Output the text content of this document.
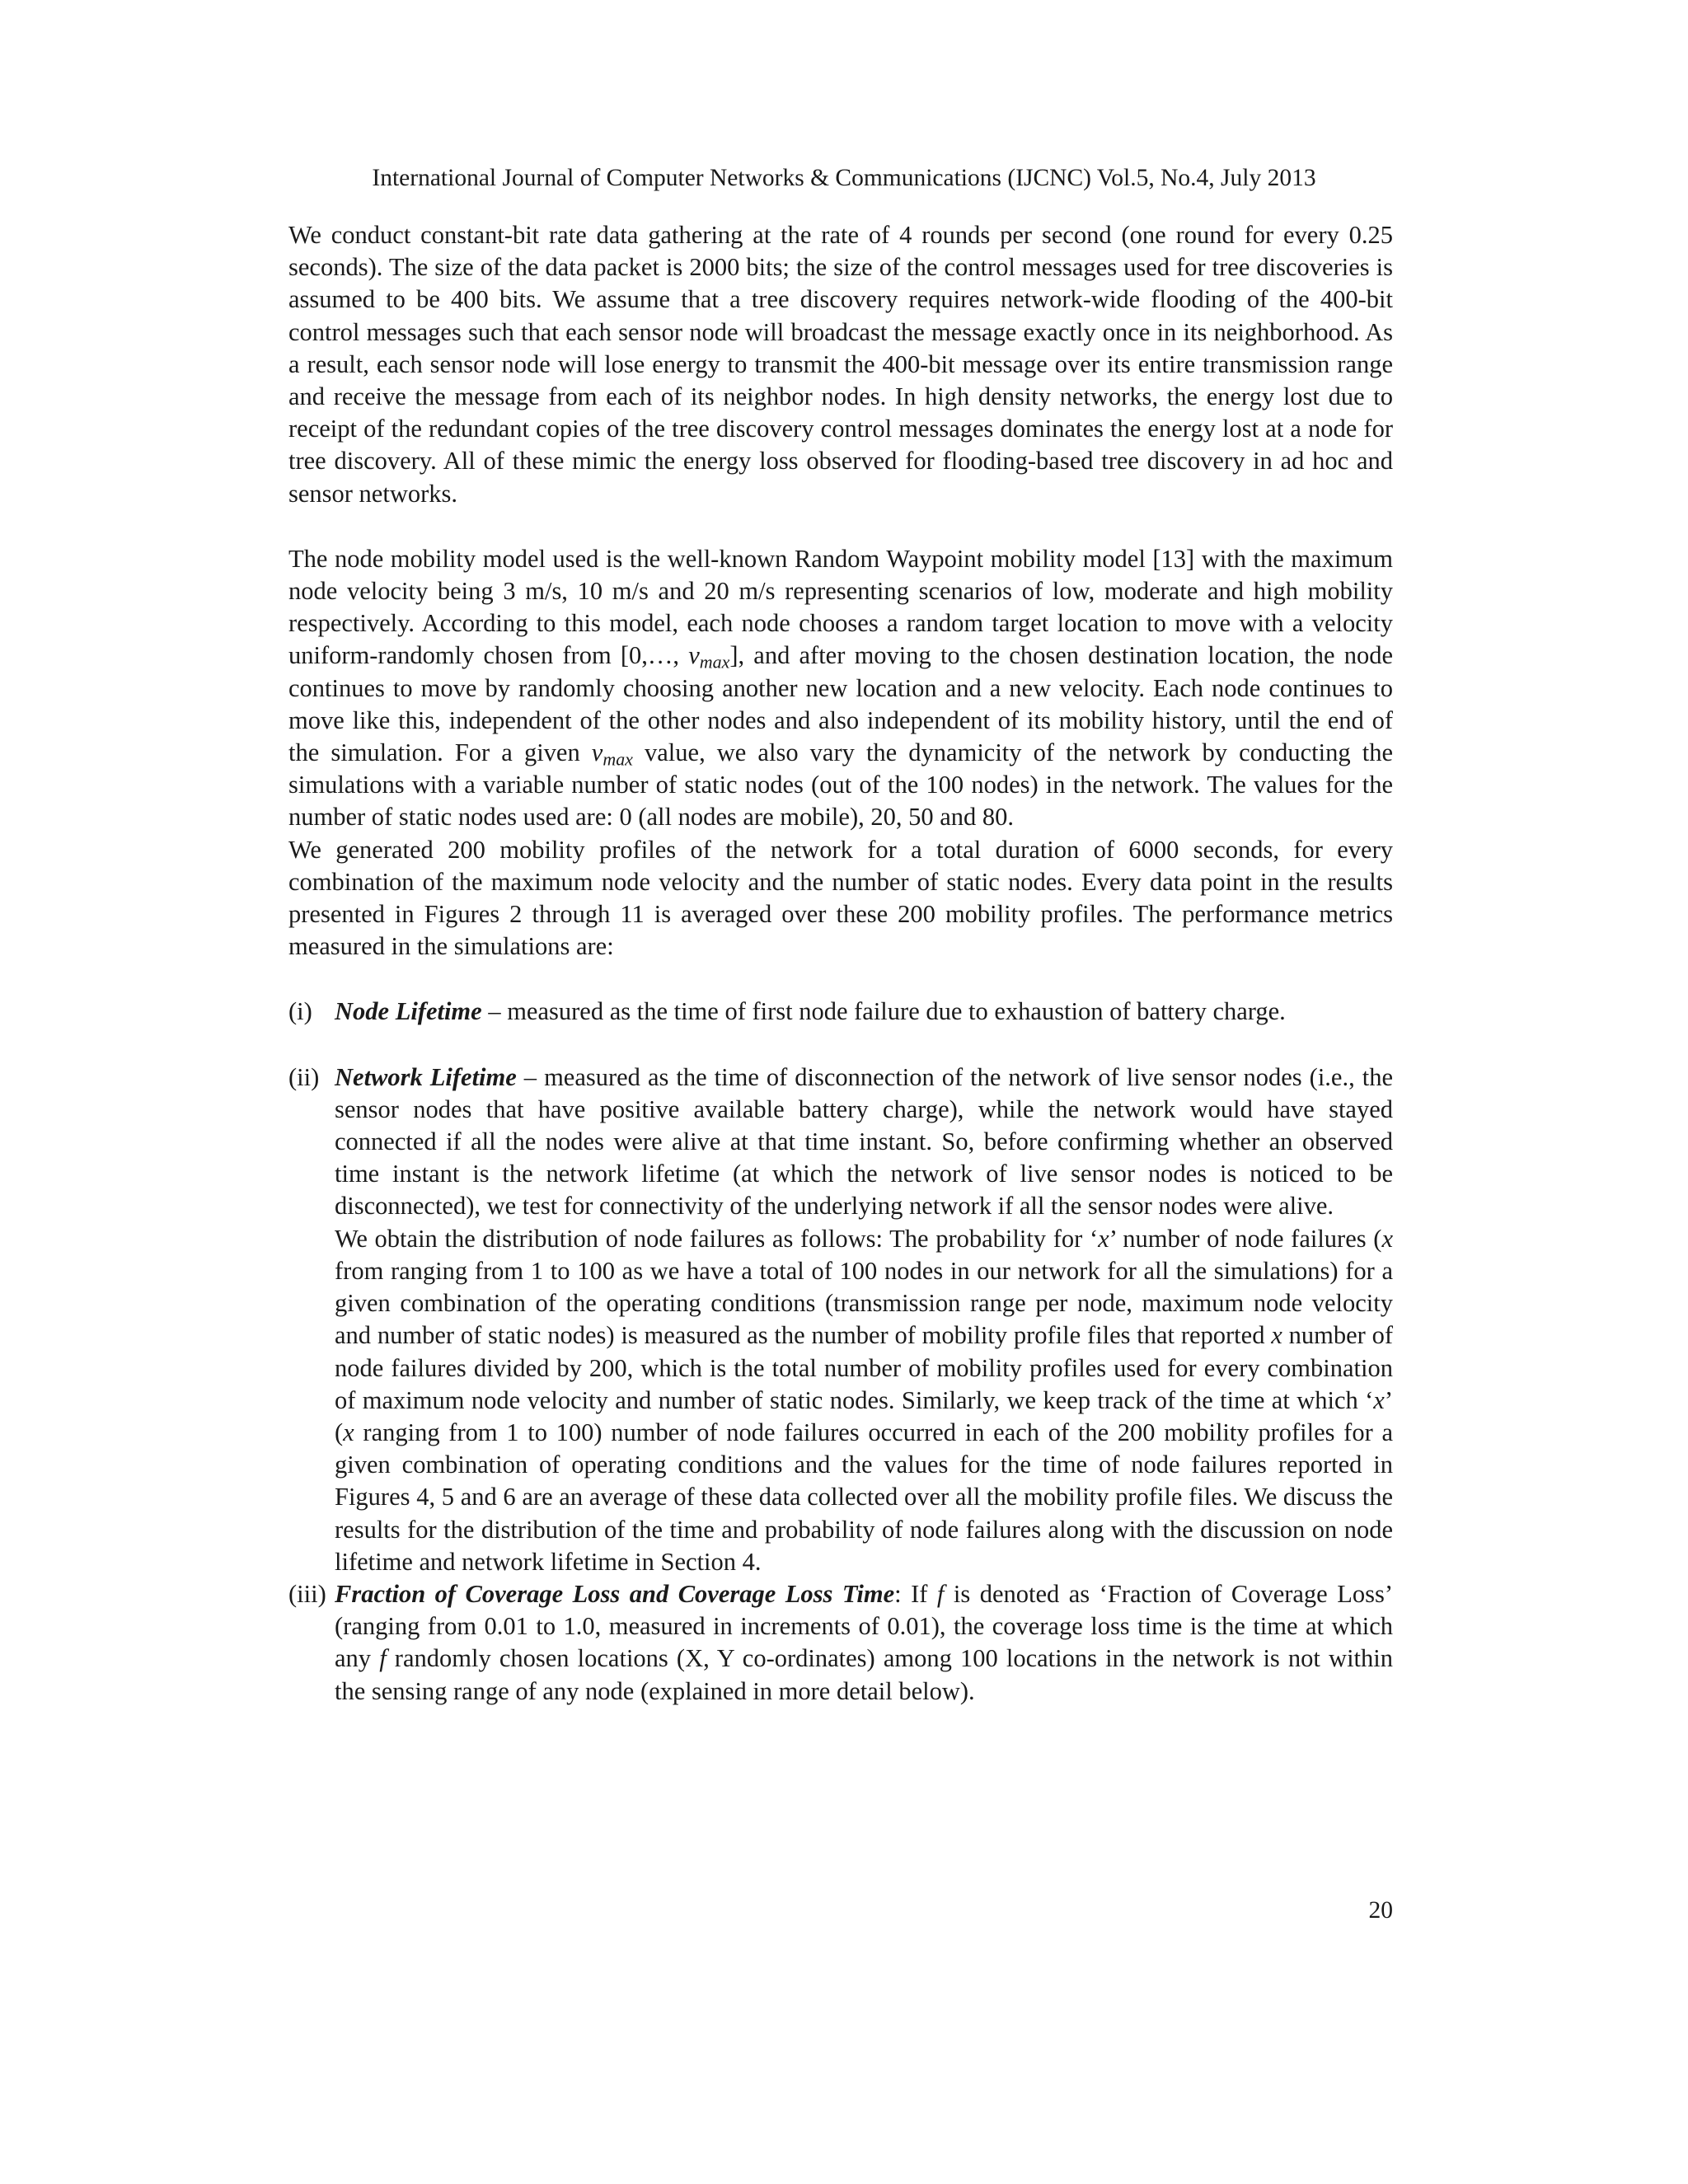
International Journal of Computer Networks & Communications (IJCNC) Vol.5, No.4, July 2013

We conduct constant-bit rate data gathering at the rate of 4 rounds per second (one round for every 0.25 seconds). The size of the data packet is 2000 bits; the size of the control messages used for tree discoveries is assumed to be 400 bits. We assume that a tree discovery requires network-wide flooding of the 400-bit control messages such that each sensor node will broadcast the message exactly once in its neighborhood. As a result, each sensor node will lose energy to transmit the 400-bit message over its entire transmission range and receive the message from each of its neighbor nodes. In high density networks, the energy lost due to receipt of the redundant copies of the tree discovery control messages dominates the energy lost at a node for tree discovery. All of these mimic the energy loss observed for flooding-based tree discovery in ad hoc and sensor networks.

The node mobility model used is the well-known Random Waypoint mobility model [13] with the maximum node velocity being 3 m/s, 10 m/s and 20 m/s representing scenarios of low, moderate and high mobility respectively. According to this model, each node chooses a random target location to move with a velocity uniform-randomly chosen from [0,…, $v_{max}$], and after moving to the chosen destination location, the node continues to move by randomly choosing another new location and a new velocity. Each node continues to move like this, independent of the other nodes and also independent of its mobility history, until the end of the simulation. For a given $v_{max}$ value, we also vary the dynamicity of the network by conducting the simulations with a variable number of static nodes (out of the 100 nodes) in the network. The values for the number of static nodes used are: 0 (all nodes are mobile), 20, 50 and 80.

We generated 200 mobility profiles of the network for a total duration of 6000 seconds, for every combination of the maximum node velocity and the number of static nodes. Every data point in the results presented in Figures 2 through 11 is averaged over these 200 mobility profiles. The performance metrics measured in the simulations are:

(i) Node Lifetime – measured as the time of first node failure due to exhaustion of battery charge.

(ii) Network Lifetime – measured as the time of disconnection of the network of live sensor nodes (i.e., the sensor nodes that have positive available battery charge), while the network would have stayed connected if all the nodes were alive at that time instant. So, before confirming whether an observed time instant is the network lifetime (at which the network of live sensor nodes is noticed to be disconnected), we test for connectivity of the underlying network if all the sensor nodes were alive.

We obtain the distribution of node failures as follows: The probability for ‘x’ number of node failures (x from ranging from 1 to 100 as we have a total of 100 nodes in our network for all the simulations) for a given combination of the operating conditions (transmission range per node, maximum node velocity and number of static nodes) is measured as the number of mobility profile files that reported x number of node failures divided by 200, which is the total number of mobility profiles used for every combination of maximum node velocity and number of static nodes. Similarly, we keep track of the time at which ‘x’ (x ranging from 1 to 100) number of node failures occurred in each of the 200 mobility profiles for a given combination of operating conditions and the values for the time of node failures reported in Figures 4, 5 and 6 are an average of these data collected over all the mobility profile files. We discuss the results for the distribution of the time and probability of node failures along with the discussion on node lifetime and network lifetime in Section 4.

(iii) Fraction of Coverage Loss and Coverage Loss Time: If f is denoted as ‘Fraction of Coverage Loss’ (ranging from 0.01 to 1.0, measured in increments of 0.01), the coverage loss time is the time at which any f randomly chosen locations (X, Y co-ordinates) among 100 locations in the network is not within the sensing range of any node (explained in more detail below).

20
